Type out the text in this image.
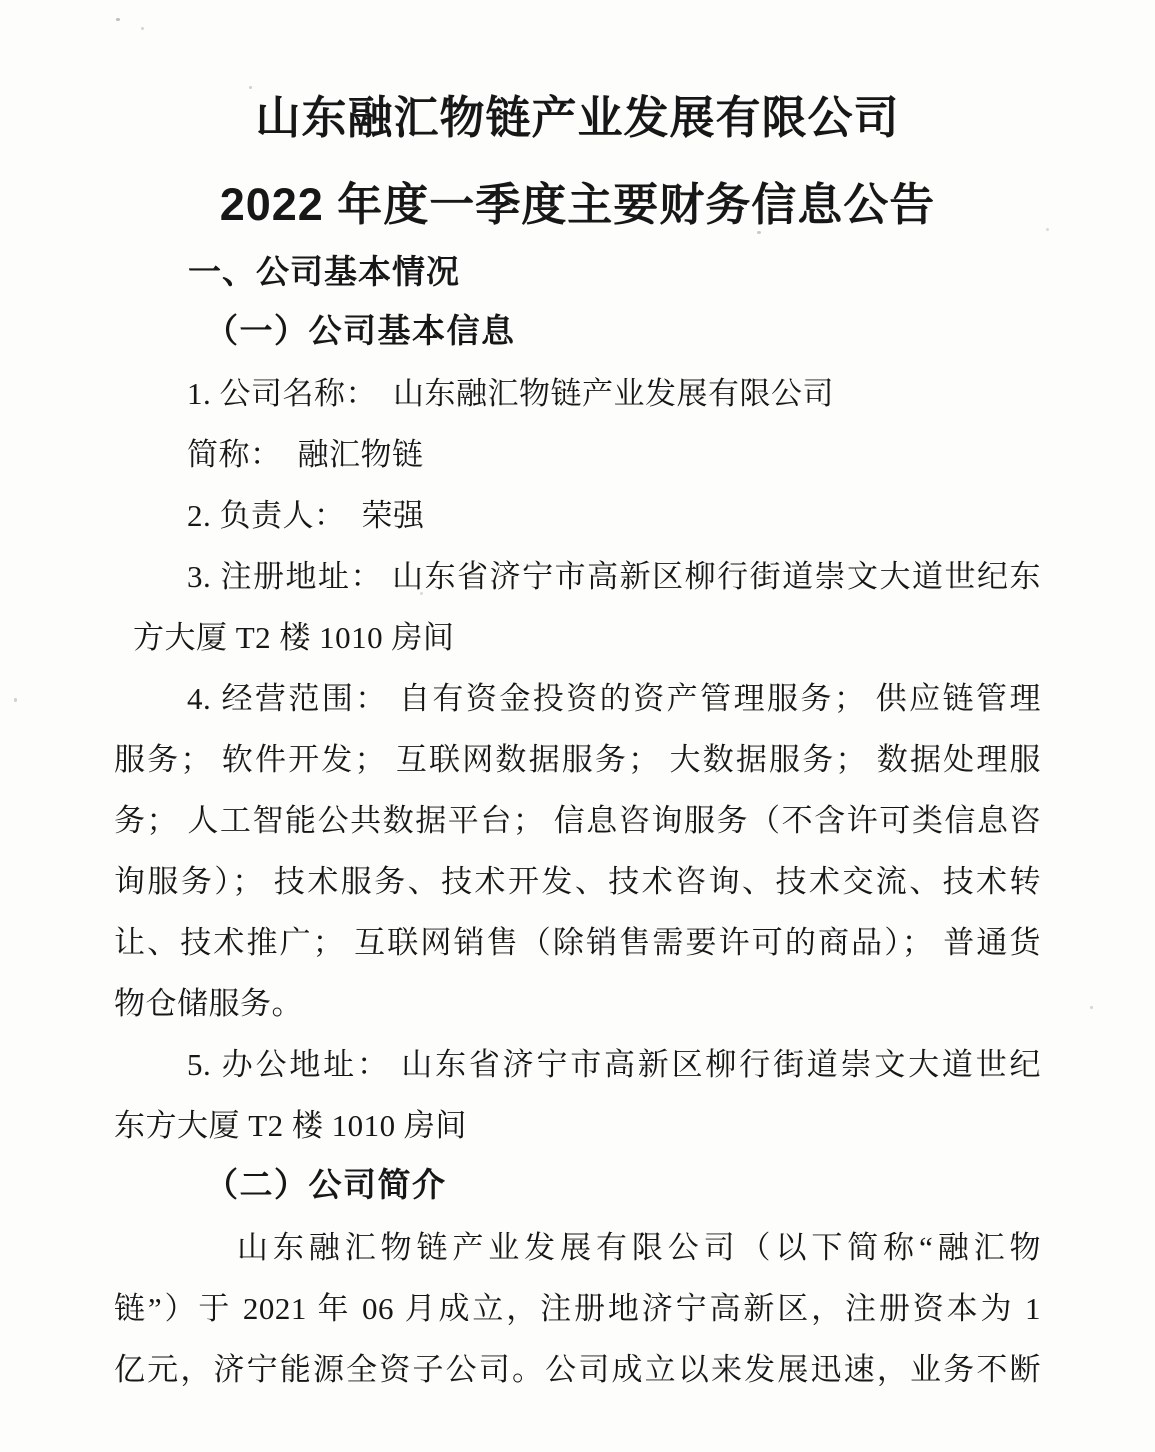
山东融汇物链产业发展有限公司
2022 年度一季度主要财务信息公告
一、公司基本情况
（一）公司基本信息
1. 公司名称：　山东融汇物链产业发展有限公司
简称：　融汇物链
2. 负责人：　荣强
3. 注册地址： 山东省济宁市高新区柳行街道崇文大道世纪东
方大厦 T2 楼 1010 房间
4. 经营范围： 自有资金投资的资产管理服务； 供应链管理
服务； 软件开发； 互联网数据服务； 大数据服务； 数据处理服
务； 人工智能公共数据平台； 信息咨询服务（不含许可类信息咨
询服务）； 技术服务、技术开发、技术咨询、技术交流、技术转
让、技术推广； 互联网销售（除销售需要许可的商品）； 普通货
物仓储服务。
5. 办公地址： 山东省济宁市高新区柳行街道崇文大道世纪
东方大厦 T2 楼 1010 房间
（二）公司简介
山东融汇物链产业发展有限公司（以下简称“融汇物
链”）于 2021 年 06 月成立，注册地济宁高新区，注册资本为 1
亿元，济宁能源全资子公司。公司成立以来发展迅速，业务不断
